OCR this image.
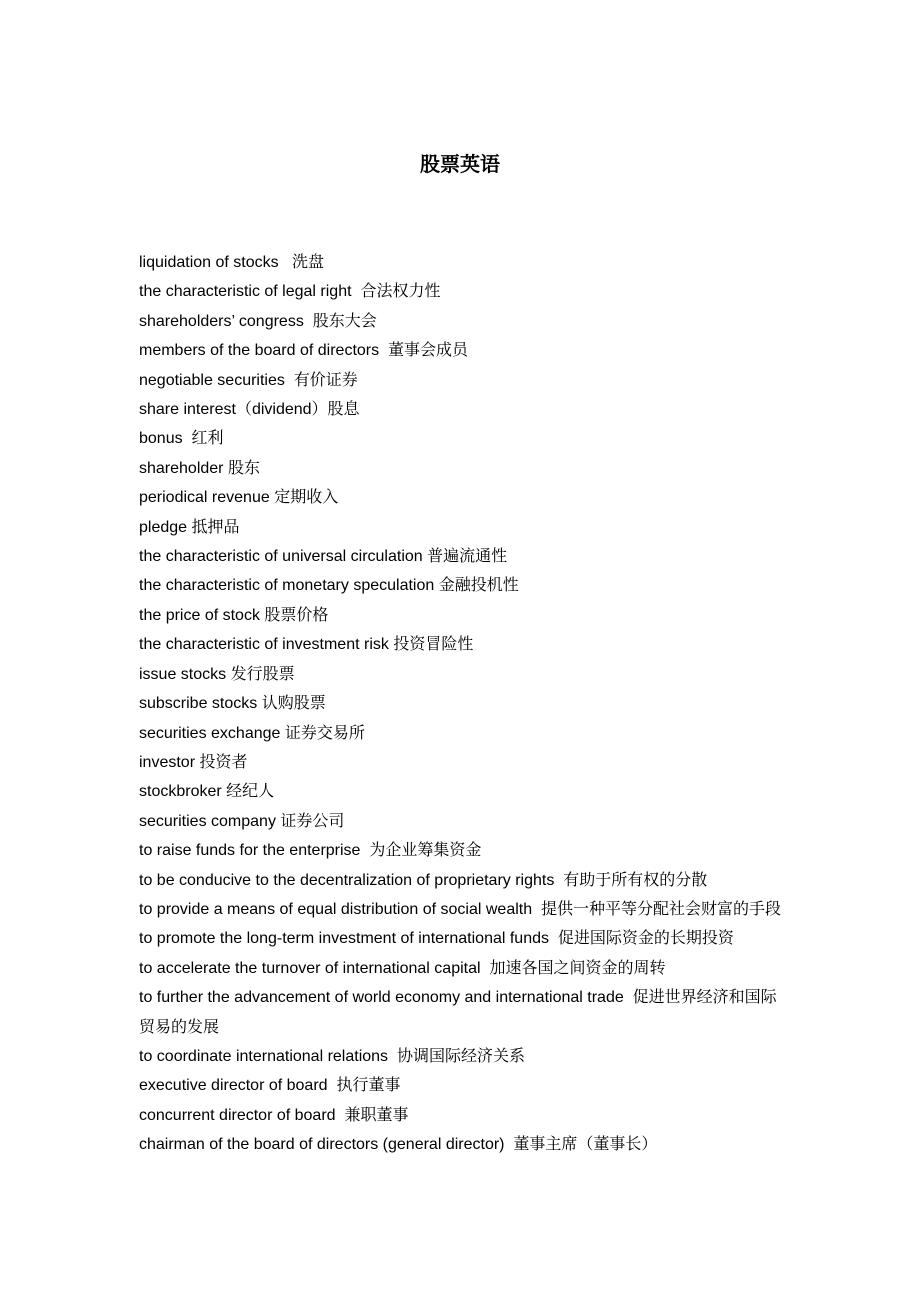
股票英语
liquidation of stocks   洗盘
the characteristic of legal right  合法权力性
shareholders’ congress  股东大会
members of the board of directors  董事会成员
negotiable securities  有价证券
share interest（dividend）股息
bonus  红利
shareholder 股东
periodical revenue 定期收入
pledge 抵押品
the characteristic of universal circulation 普遍流通性
the characteristic of monetary speculation 金融投机性
the price of stock 股票价格
the characteristic of investment risk 投资冒险性
issue stocks 发行股票
subscribe stocks 认购股票
securities exchange 证券交易所
investor 投资者
stockbroker 经纪人
securities company 证券公司
to raise funds for the enterprise  为企业筹集资金
to be conducive to the decentralization of proprietary rights  有助于所有权的分散
to provide a means of equal distribution of social wealth  提供一种平等分配社会财富的手段
to promote the long-term investment of international funds  促进国际资金的长期投资
to accelerate the turnover of international capital  加速各国之间资金的周转
to further the advancement of world economy and international trade  促进世界经济和国际贸易的发展
to coordinate international relations  协调国际经济关系
executive director of board  执行董事
concurrent director of board  兼职董事
chairman of the board of directors (general director)  董事主席（董事长）
